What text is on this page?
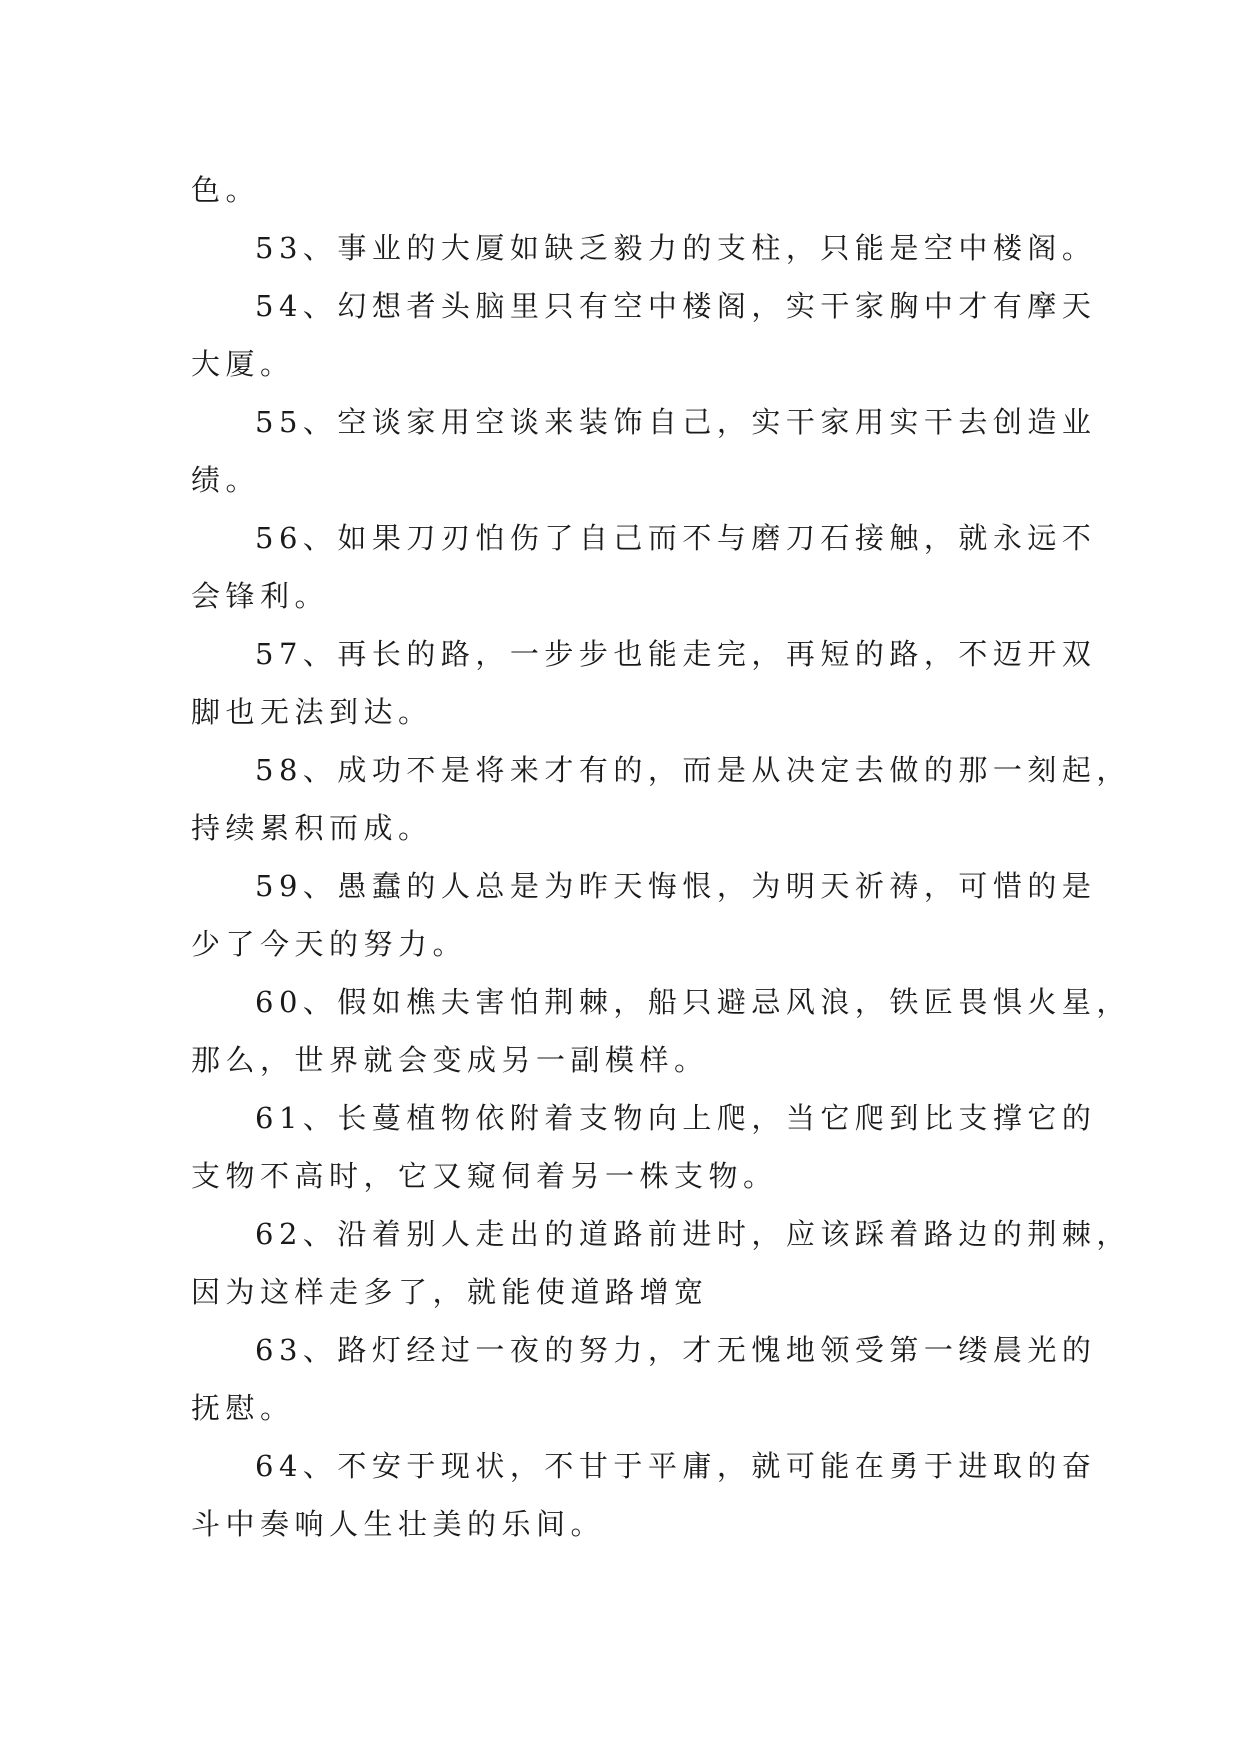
色。
53、事业的大厦如缺乏毅力的支柱，只能是空中楼阁。
54、幻想者头脑里只有空中楼阁，实干家胸中才有摩天
大厦。
55、空谈家用空谈来装饰自己，实干家用实干去创造业
绩。
56、如果刀刃怕伤了自己而不与磨刀石接触，就永远不
会锋利。
57、再长的路，一步步也能走完，再短的路，不迈开双
脚也无法到达。
58、成功不是将来才有的，而是从决定去做的那一刻起，
持续累积而成。
59、愚蠢的人总是为昨天悔恨，为明天祈祷，可惜的是
少了今天的努力。
60、假如樵夫害怕荆棘，船只避忌风浪，铁匠畏惧火星，
那么，世界就会变成另一副模样。
61、长蔓植物依附着支物向上爬，当它爬到比支撑它的
支物不高时，它又窥伺着另一株支物。
62、沿着别人走出的道路前进时，应该踩着路边的荆棘，
因为这样走多了，就能使道路增宽
63、路灯经过一夜的努力，才无愧地领受第一缕晨光的
抚慰。
64、不安于现状，不甘于平庸，就可能在勇于进取的奋
斗中奏响人生壮美的乐间。
